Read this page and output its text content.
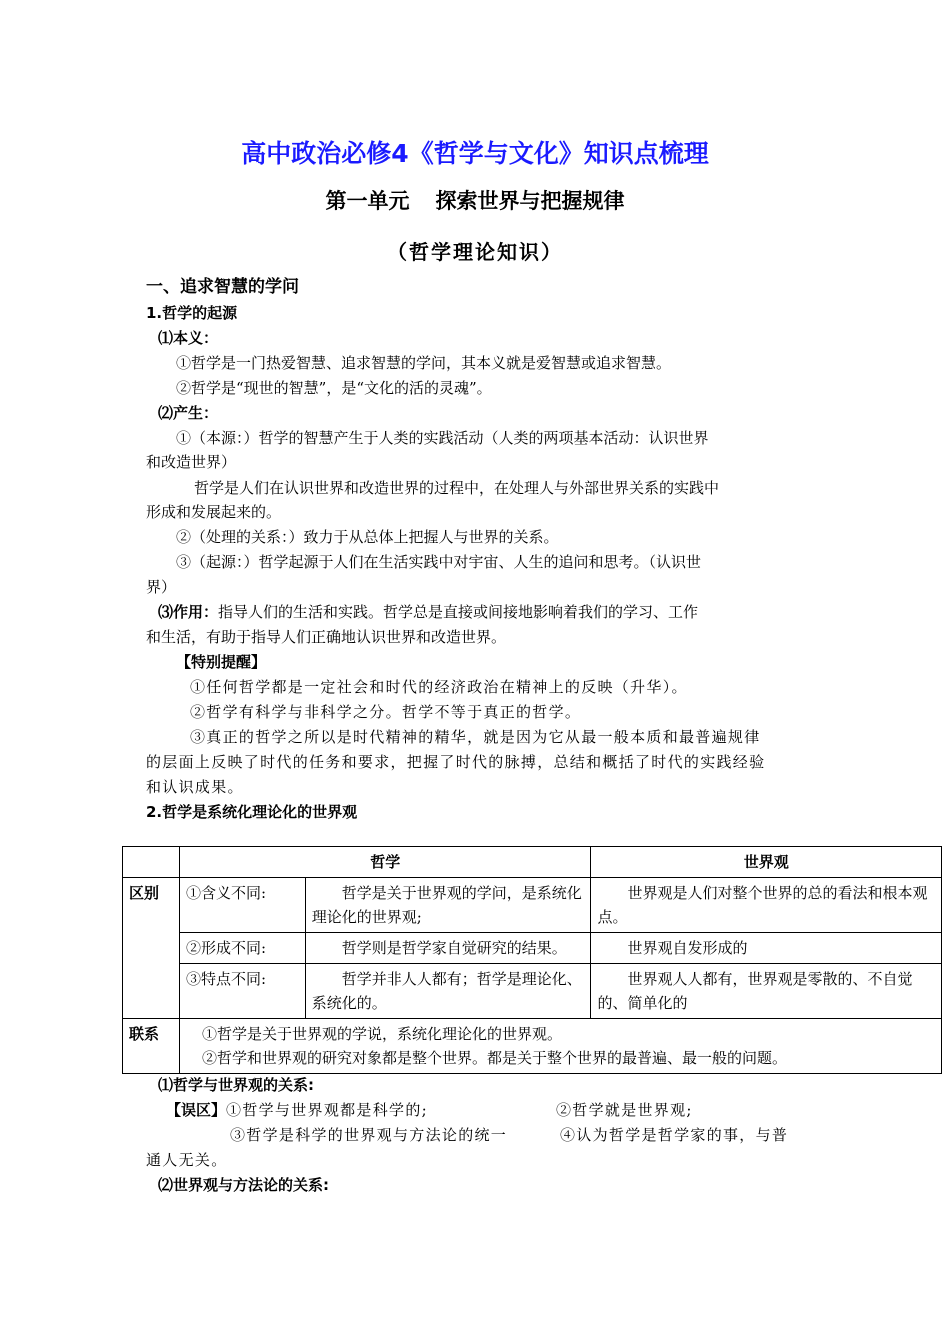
高中政治必修4《哲学与文化》知识点梳理
第一单元 探索世界与把握规律
（哲学理论知识）
一、追求智慧的学问
1.哲学的起源
⑴本义：
①哲学是一门热爱智慧、追求智慧的学问，其本义就是爱智慧或追求智慧。
②哲学是“现世的智慧”，是“文化的活的灵魂”。
⑵产生：
①（本源：）哲学的智慧产生于人类的实践活动（人类的两项基本活动：认识世界
和改造世界）
哲学是人们在认识世界和改造世界的过程中，在处理人与外部世界关系的实践中
形成和发展起来的。
②（处理的关系：）致力于从总体上把握人与世界的关系。
③（起源：）哲学起源于人们在生活实践中对宇宙、人生的追问和思考。（认识世
界）
⑶作用：指导人们的生活和实践。哲学总是直接或间接地影响着我们的学习、工作
和生活，有助于指导人们正确地认识世界和改造世界。
【特别提醒】
①任何哲学都是一定社会和时代的经济政治在精神上的反映（升华）。
②哲学有科学与非科学之分。哲学不等于真正的哲学。
③真正的哲学之所以是时代精神的精华，就是因为它从最一般本质和最普遍规律
的层面上反映了时代的任务和要求，把握了时代的脉搏，总结和概括了时代的实践经验
和认识成果。
2.哲学是系统化理论化的世界观
	哲学		世界观
区别	①含义不同:	哲学是关于世界观的学问，是系统化理论化的世界观;	世界观是人们对整个世界的总的看法和根本观点。
	②形成不同:	哲学则是哲学家自觉研究的结果。	世界观自发形成的
	③特点不同:	哲学并非人人都有；哲学是理论化、系统化的。	世界观人人都有，世界观是零散的、不自觉的、简单化的
联系	①哲学是关于世界观的学说，系统化理论化的世界观。
②哲学和世界观的研究对象都是整个世界。都是关于整个世界的最普遍、最一般的问题。		
⑴哲学与世界观的关系:
【误区】①哲学与世界观都是科学的;	②哲学就是世界观;
③哲学是科学的世界观与方法论的统一	④认为哲学是哲学家的事，与普
通人无关。
⑵世界观与方法论的关系:
